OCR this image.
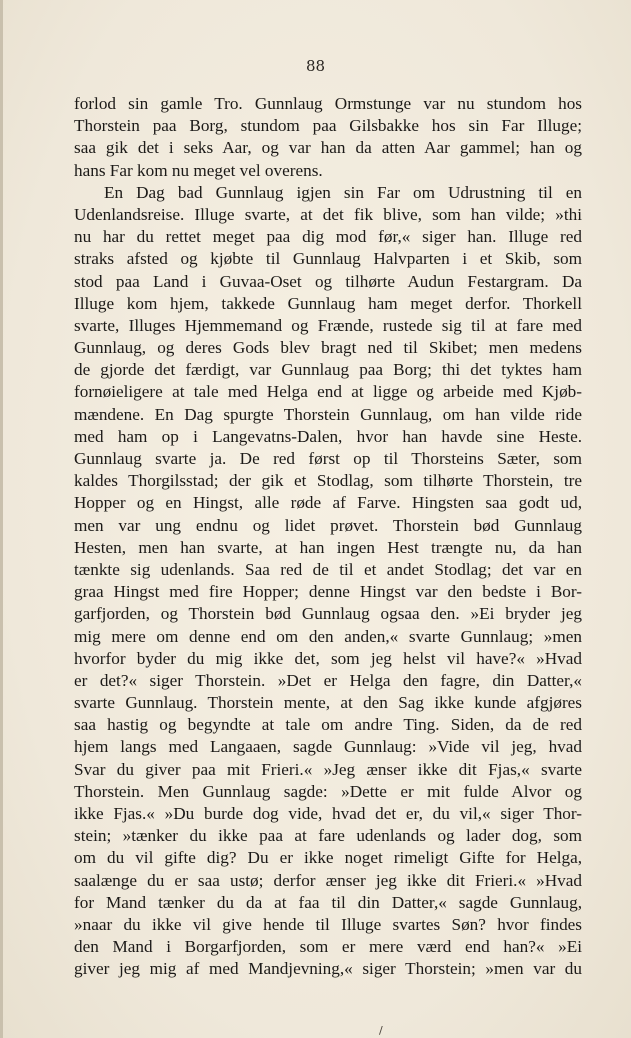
88
forlod sin gamle Tro. Gunnlaug Ormstunge var nu stundom hos
Thorstein paa Borg, stundom paa Gilsbakke hos sin Far Illuge;
saa gik det i seks Aar, og var han da atten Aar gammel; han og
hans Far kom nu meget vel overens.
En Dag bad Gunnlaug igjen sin Far om Udrustning til en
Udenlandsreise. Illuge svarte, at det fik blive, som han vilde; »thi
nu har du rettet meget paa dig mod før,« siger han. Illuge red
straks afsted og kjøbte til Gunnlaug Halvparten i et Skib, som
stod paa Land i Guvaa-Oset og tilhørte Audun Festargram. Da
Illuge kom hjem, takkede Gunnlaug ham meget derfor. Thorkell
svarte, Illuges Hjemmemand og Frænde, rustede sig til at fare med
Gunnlaug, og deres Gods blev bragt ned til Skibet; men medens
de gjorde det færdigt, var Gunnlaug paa Borg; thi det tyktes ham
fornøieligere at tale med Helga end at ligge og arbeide med Kjøb-
mændene. En Dag spurgte Thorstein Gunnlaug, om han vilde ride
med ham op i Langevatns-Dalen, hvor han havde sine Heste.
Gunnlaug svarte ja. De red først op til Thorsteins Sæter, som
kaldes Thorgilsstad; der gik et Stodlag, som tilhørte Thorstein, tre
Hopper og en Hingst, alle røde af Farve. Hingsten saa godt ud,
men var ung endnu og lidet prøvet. Thorstein bød Gunnlaug
Hesten, men han svarte, at han ingen Hest trængte nu, da han
tænkte sig udenlands. Saa red de til et andet Stodlag; det var en
graa Hingst med fire Hopper; denne Hingst var den bedste i Bor-
garfjorden, og Thorstein bød Gunnlaug ogsaa den. »Ei bryder jeg
mig mere om denne end om den anden,« svarte Gunnlaug; »men
hvorfor byder du mig ikke det, som jeg helst vil have?« »Hvad
er det?« siger Thorstein. »Det er Helga den fagre, din Datter,«
svarte Gunnlaug. Thorstein mente, at den Sag ikke kunde afgjøres
saa hastig og begyndte at tale om andre Ting. Siden, da de red
hjem langs med Langaaen, sagde Gunnlaug: »Vide vil jeg, hvad
Svar du giver paa mit Frieri.« »Jeg ænser ikke dit Fjas,« svarte
Thorstein. Men Gunnlaug sagde: »Dette er mit fulde Alvor og
ikke Fjas.« »Du burde dog vide, hvad det er, du vil,« siger Thor-
stein; »tænker du ikke paa at fare udenlands og lader dog, som
om du vil gifte dig? Du er ikke noget rimeligt Gifte for Helga,
saalænge du er saa ustø; derfor ænser jeg ikke dit Frieri.« »Hvad
for Mand tænker du da at faa til din Datter,« sagde Gunnlaug,
»naar du ikke vil give hende til Illuge svartes Søn? hvor findes
den Mand i Borgarfjorden, som er mere værd end han?« »Ei
giver jeg mig af med Mandjevning,« siger Thorstein; »men var du
/
